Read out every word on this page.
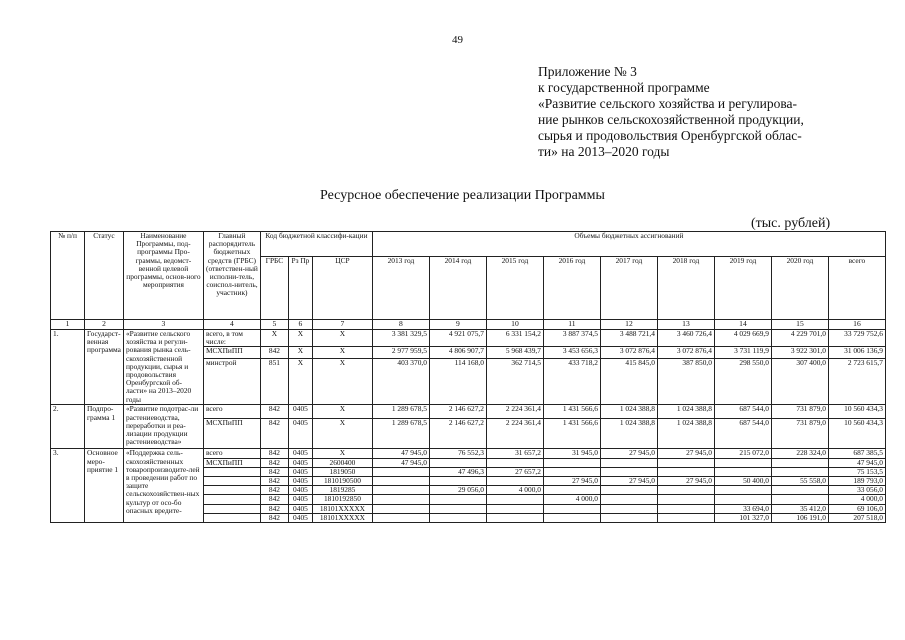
49
Приложение № 3
к государственной программе
«Развитие сельского хозяйства и регулирова-
ние рынков сельскохозяйственной продукции,
сырья и продовольствия Оренбургской облас-
ти» на 2013–2020 годы
Ресурсное обеспечение реализации Программы
(тыс. рублей)
№ п/п	Статус	Наименование Программы, под-программы Про-граммы, ведомст-венной целевой программы, основ-ного мероприятия	Главный распорядитель бюджетных средств (ГРБС) (ответствен-ный исполни-тель, соиспол-нитель, участник)	Код бюджетной классифи-кации			Объемы бюджетных ассигнований								
				ГРБС	Рз Пр	ЦСР	2013 год	2014 год	2015 год	2016 год	2017 год	2018 год	2019 год	2020 год	всего
1	2	3	4	5	6	7	8	9	10	11	12	13	14	15	16
1.	Государст-венная программа	«Развитие сельского хозяйства и регули-рования рынка сель-скохозяйственной продукции, сырья и продовольствия Оренбургской об-ласти» на 2013–2020 годы	всего, в том числе:	Х	Х	Х	3 381 329,5	4 921 075,7	6 331 154,2	3 887 374,5	3 488 721,4	3 460 726,4	4 029 669,9	4 229 701,0	33 729 752,6
			МСХПиПП	842	Х	Х	2 977 959,5	4 806 907,7	5 968 439,7	3 453 656,3	3 072 876,4	3 072 876,4	3 731 119,9	3 922 301,0	31 006 136,9
			минстрой	851	Х	Х	403 370,0	114 168,0	362 714,5	433 718,2	415 845,0	387 850,0	298 550,0	307 400,0	2 723 615,7
2.	Подпро-грамма 1	«Развитие подотрас-ли растениеводства, переработки и реа-лизации продукции растениеводства»	всего	842	0405	Х	1 289 678,5	2 146 627,2	2 224 361,4	1 431 566,6	1 024 388,8	1 024 388,8	687 544,0	731 879,0	10 560 434,3
			МСХПиПП	842	0405	Х	1 289 678,5	2 146 627,2	2 224 361,4	1 431 566,6	1 024 388,8	1 024 388,8	687 544,0	731 879,0	10 560 434,3
3.	Основное меро-приятие 1	«Поддержка сель-скохозяйственных товаропроизводите-лей в проведении работ по защите сельскохозяйствен-ных культур от осо-бо опасных вредите-	всего	842	0405	Х	47 945,0	76 552,3	31 657,2	31 945,0	27 945,0	27 945,0	215 072,0	228 324,0	687 385,5
			МСХПиПП	842	0405	2600400	47 945,0								47 945,0
				842	0405	1819050		47 496,3	27 657,2						75 153,5
				842	0405	1810190500				27 945,0	27 945,0	27 945,0	50 400,0	55 558,0	189 793,0
				842	0405	1819285		29 056,0	4 000,0						33 056,0
				842	0405	1810192850				4 000,0					4 000,0
				842	0405	18101ХХХХХ							33 694,0	35 412,0	69 106,0
				842	0405	18101ХХХХХ							101 327,0	106 191,0	207 518,0
